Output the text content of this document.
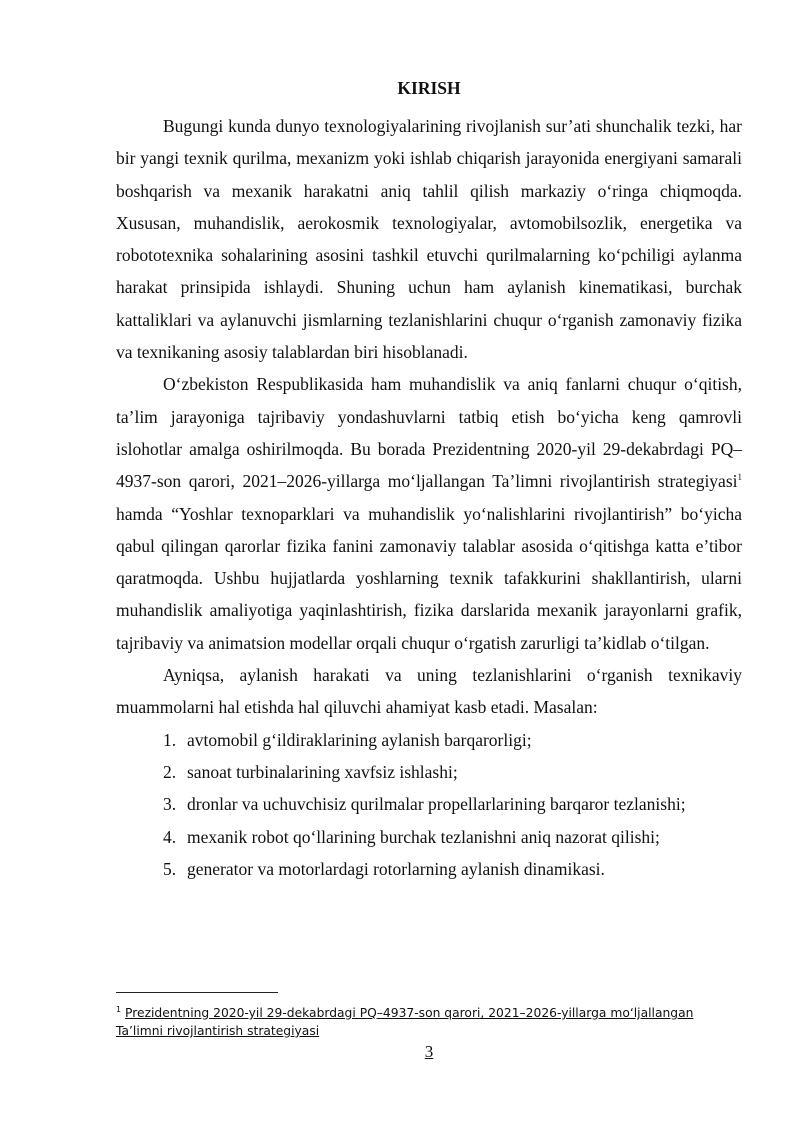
KIRISH

Bugungi kunda dunyo texnologiyalarining rivojlanish sur’ati shunchalik tezki, har bir yangi texnik qurilma, mexanizm yoki ishlab chiqarish jarayonida energiyani samarali boshqarish va mexanik harakatni aniq tahlil qilish markaziy o‘ringa chiqmoqda. Xususan, muhandislik, aerokosmik texnologiyalar, avtomobilsozlik, energetika va robototexnika sohalarining asosini tashkil etuvchi qurilmalarning ko‘pchiligi aylanma harakat prinsipida ishlaydi. Shuning uchun ham aylanish kinematikasi, burchak kattaliklari va aylanuvchi jismlarning tezlanishlarini chuqur o‘rganish zamonaviy fizika va texnikaning asosiy talablardan biri hisoblanadi.

O‘zbekiston Respublikasida ham muhandislik va aniq fanlarni chuqur o‘qitish, ta’lim jarayoniga tajribaviy yondashuvlarni tatbiq etish bo‘yicha keng qamrovli islohotlar amalga oshirilmoqda. Bu borada Prezidentning 2020-yil 29-dekabrdagi PQ–4937-son qarori, 2021–2026-yillarga mo‘ljallangan Ta’limni rivojlantirish strategiyasi$^1$ hamda “Yoshlar texnoparklari va muhandislik yo‘nalishlarini rivojlantirish” bo‘yicha qabul qilingan qarorlar fizika fanini zamonaviy talablar asosida o‘qitishga katta e’tibor qaratmoqda. Ushbu hujjatlarda yoshlarning texnik tafakkurini shakllantirish, ularni muhandislik amaliyotiga yaqinlashtirish, fizika darslarida mexanik jarayonlarni grafik, tajribaviy va animatsion modellar orqali chuqur o‘rgatish zarurligi ta’kidlab o‘tilgan.

Ayniqsa, aylanish harakati va uning tezlanishlarini o‘rganish texnikaviy muammolarni hal etishda hal qiluvchi ahamiyat kasb etadi. Masalan:

1. avtomobil g‘ildiraklarining aylanish barqarorligi;
2. sanoat turbinalarining xavfsiz ishlashi;
3. dronlar va uchuvchisiz qurilmalar propellarlarining barqaror tezlanishi;
4. mexanik robot qo‘llarining burchak tezlanishni aniq nazorat qilishi;
5. generator va motorlardagi rotorlarning aylanish dinamikasi.
$^1$ Prezidentning 2020-yil 29-dekabrdagi PQ–4937-son qarori, 2021–2026-yillarga mo‘ljallangan Ta’limni rivojlantirish strategiyasi
3
